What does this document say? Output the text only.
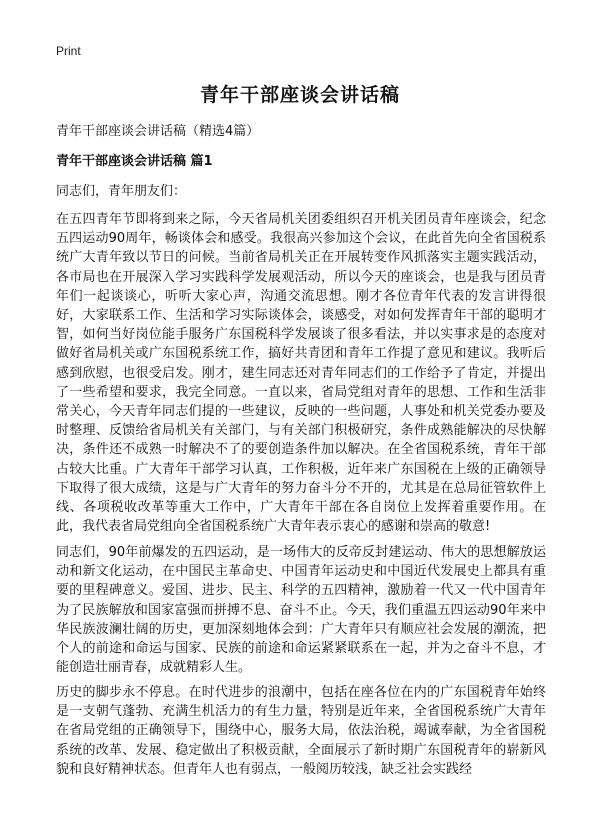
Print
青年干部座谈会讲话稿

青年干部座谈会讲话稿（精选4篇）

青年干部座谈会讲话稿 篇1

同志们，青年朋友们：

在五四青年节即将到来之际，今天省局机关团委组织召开机关团员青年座谈会，纪念五四运动90周年，畅谈体会和感受。我很高兴参加这个会议，在此首先向全省国税系统广大青年致以节日的问候。当前省局机关正在开展转变作风抓落实主题实践活动，各市局也在开展深入学习实践科学发展观活动，所以今天的座谈会，也是我与团员青年们一起谈谈心，听听大家心声，沟通交流思想。刚才各位青年代表的发言讲得很好，大家联系工作、生活和学习实际谈体会，谈感受，对如何发挥青年干部的聪明才智，如何当好岗位能手服务广东国税科学发展谈了很多看法，并以实事求是的态度对做好省局机关或广东国税系统工作，搞好共青团和青年工作提了意见和建议。我听后感到欣慰，也很受启发。刚才，建生同志还对青年同志们的工作给予了肯定，并提出了一些希望和要求，我完全同意。一直以来，省局党组对青年的思想、工作和生活非常关心，今天青年同志们提的一些建议，反映的一些问题，人事处和机关党委办要及时整理、反馈给省局机关有关部门，与有关部门积极研究，条件成熟能解决的尽快解决，条件还不成熟一时解决不了的要创造条件加以解决。在全省国税系统，青年干部占较大比重。广大青年干部学习认真，工作积极，近年来广东国税在上级的正确领导下取得了很大成绩，这是与广大青年的努力奋斗分不开的，尤其是在总局征管软件上线、各项税收改革等重大工作中，广大青年干部在各自岗位上发挥着重要作用。在此，我代表省局党组向全省国税系统广大青年表示衷心的感谢和崇高的敬意!

同志们，90年前爆发的五四运动，是一场伟大的反帝反封建运动、伟大的思想解放运动和新文化运动，在中国民主革命史、中国青年运动史和中国近代发展史上都具有重要的里程碑意义。爱国、进步、民主、科学的五四精神，激励着一代又一代中国青年为了民族解放和国家富强而拼搏不息、奋斗不止。今天，我们重温五四运动90年来中华民族波澜壮阔的历史，更加深刻地体会到：广大青年只有顺应社会发展的潮流，把个人的前途和命运与国家、民族的前途和命运紧紧联系在一起，并为之奋斗不息，才能创造壮丽青春，成就精彩人生。

历史的脚步永不停息。在时代进步的浪潮中，包括在座各位在内的广东国税青年始终是一支朝气蓬勃、充满生机活力的有生力量，特别是近年来，全省国税系统广大青年在省局党组的正确领导下，围绕中心，服务大局，依法治税，竭诚奉献，为全省国税系统的改革、发展、稳定做出了积极贡献，全面展示了新时期广东国税青年的崭新风貌和良好精神状态。但青年人也有弱点，一般阅历较浅，缺乏社会实践经
